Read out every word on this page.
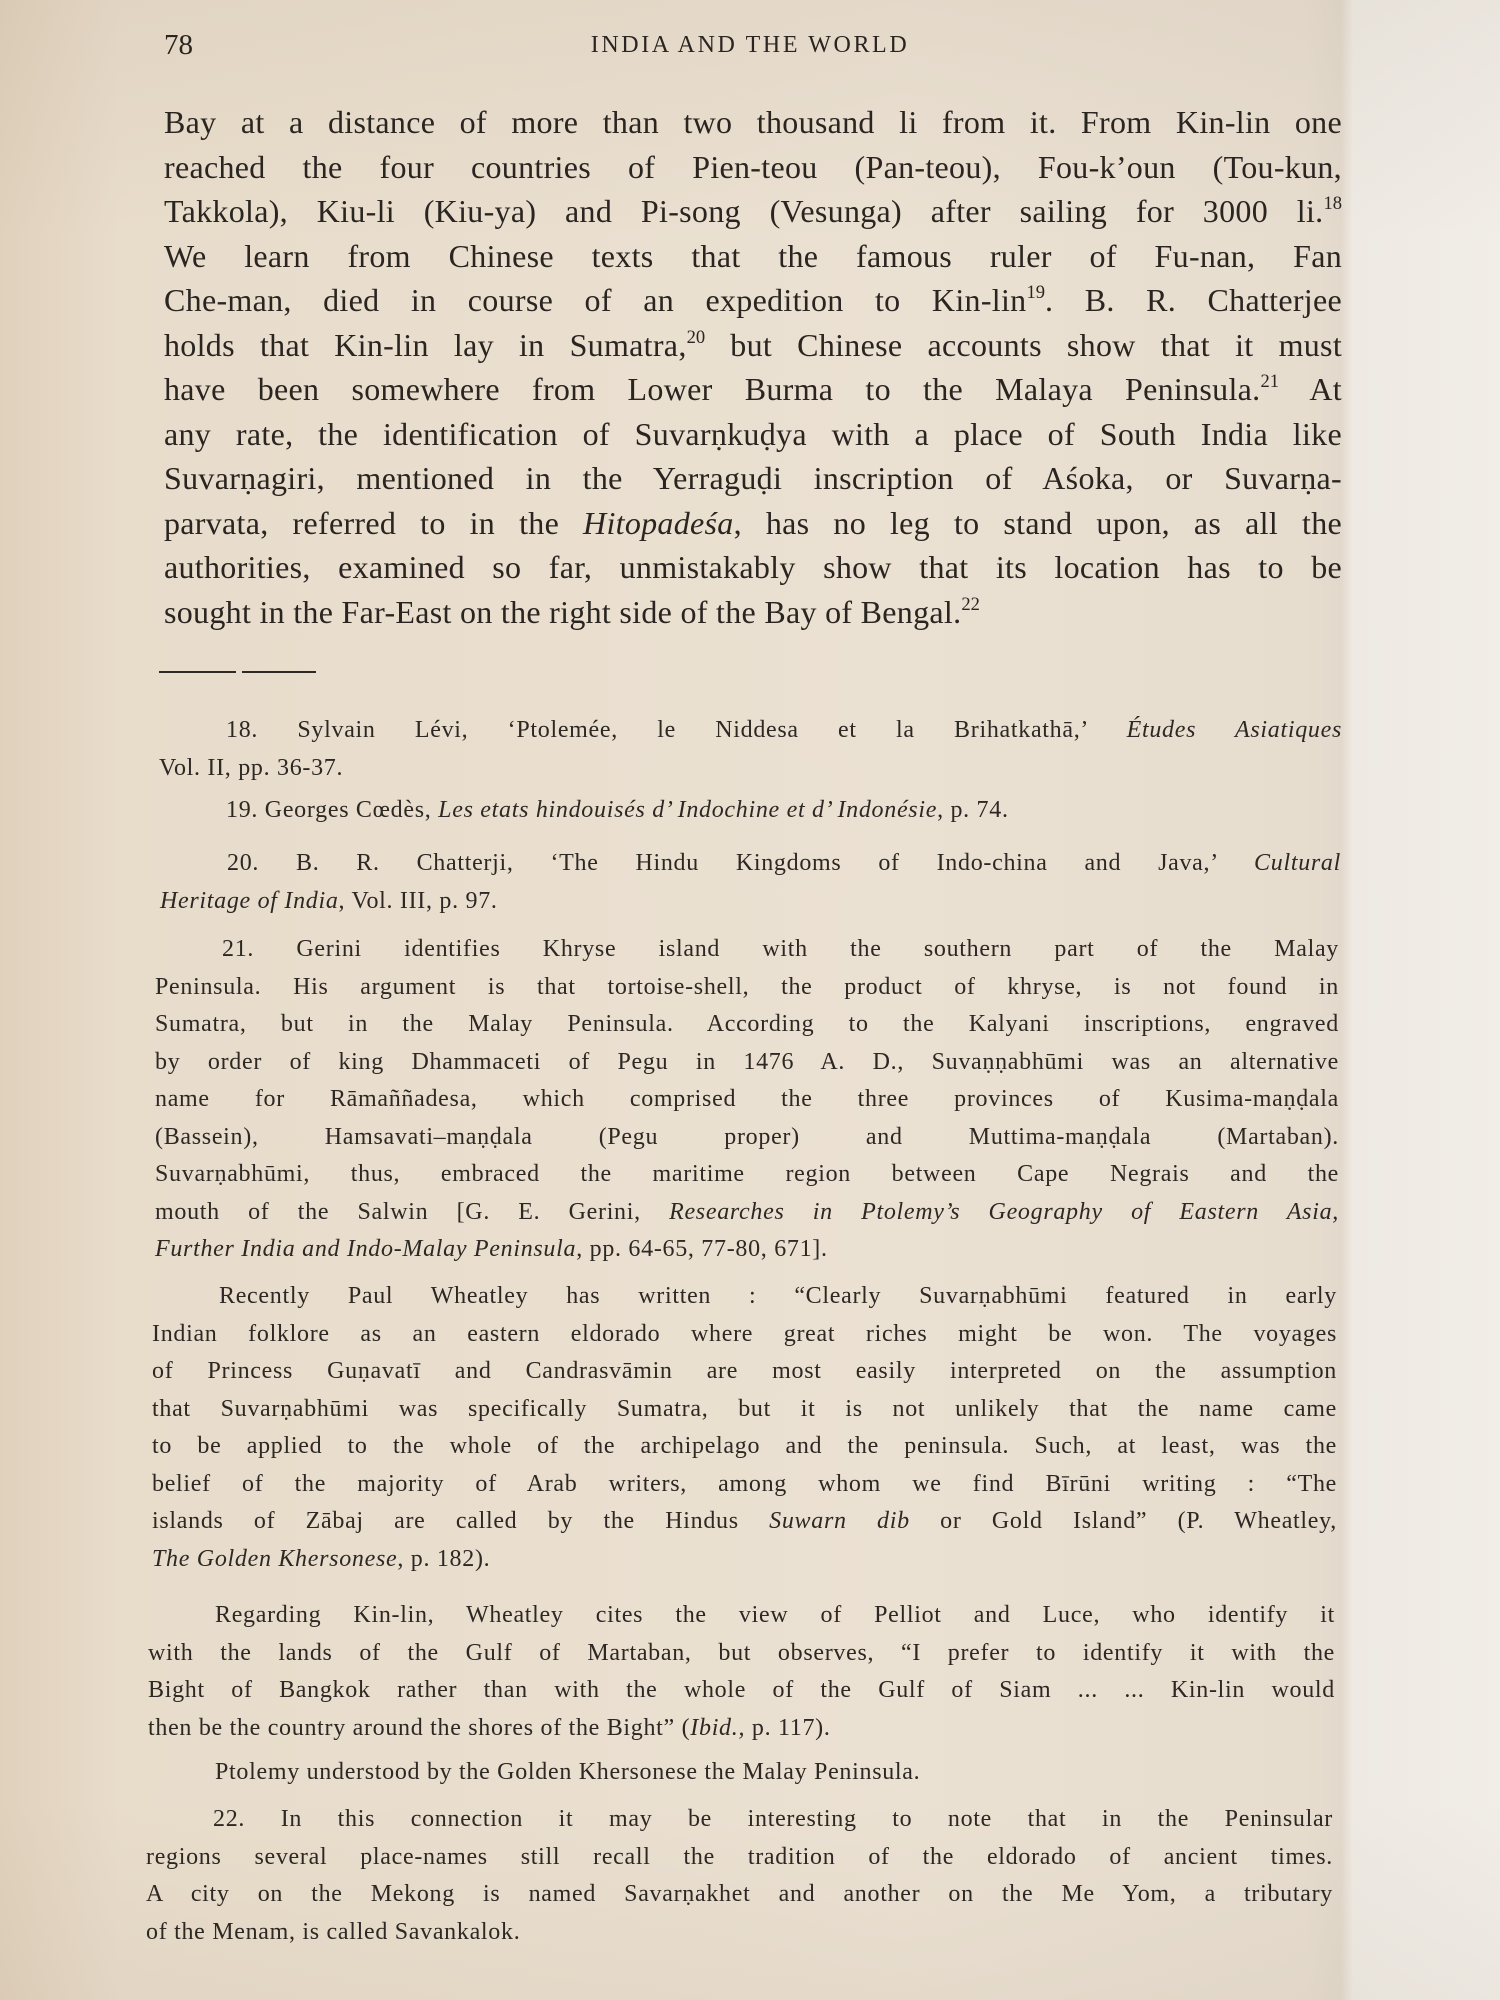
78	INDIA AND THE WORLD
Bay at a distance of more than two thousand li from it. From Kin-lin one
reached the four countries of Pien-teou (Pan-teou), Fou-k’oun (Tou-kun,
Takkola), Kiu-li (Kiu-ya) and Pi-song (Vesunga) after sailing for 3000 li.$^{18}$
We learn from Chinese texts that the famous ruler of Fu-nan, Fan
Che-man, died in course of an expedition to Kin-lin$^{19}$. B. R. Chatterjee
holds that Kin-lin lay in Sumatra,$^{20}$ but Chinese accounts show that it must
have been somewhere from Lower Burma to the Malaya Peninsula.$^{21}$ At
any rate, the identification of Suvarṇkuḍya with a place of South India like
Suvarṇagiri, mentioned in the Yerraguḍi inscription of Aśoka, or Suvarṇa-
parvata, referred to in the Hitopadeśa, has no leg to stand upon, as all the
authorities, examined so far, unmistakably show that its location has to be
sought in the Far-East on the right side of the Bay of Bengal.$^{22}$
18. Sylvain Lévi, ‘Ptolemée, le Niddesa et la Brihatkathā,’ Études Asiatiques
Vol. II, pp. 36-37.
19. Georges Cœdès, Les etats hindouisés d’ Indochine et d’ Indonésie, p. 74.
20. B. R. Chatterji, ‘The Hindu Kingdoms of Indo-china and Java,’ Cultural
Heritage of India, Vol. III, p. 97.
21. Gerini identifies Khryse island with the southern part of the Malay
Peninsula. His argument is that tortoise-shell, the product of khryse, is not found in
Sumatra, but in the Malay Peninsula. According to the Kalyani inscriptions, engraved
by order of king Dhammaceti of Pegu in 1476 A. D., Suvaṇṇabhūmi was an alternative
name for Rāmaññadesa, which comprised the three provinces of Kusima-maṇḍala
(Bassein), Hamsavati–maṇḍala (Pegu proper) and Muttima-maṇḍala (Martaban).
Suvarṇabhūmi, thus, embraced the maritime region between Cape Negrais and the
mouth of the Salwin [G. E. Gerini, Researches in Ptolemy’s Geography of Eastern Asia,
Further India and Indo-Malay Peninsula, pp. 64-65, 77-80, 671].
Recently Paul Wheatley has written : “Clearly Suvarṇabhūmi featured in early
Indian folklore as an eastern eldorado where great riches might be won. The voyages
of Princess Guṇavatī and Candrasvāmin are most easily interpreted on the assumption
that Suvarṇabhūmi was specifically Sumatra, but it is not unlikely that the name came
to be applied to the whole of the archipelago and the peninsula. Such, at least, was the
belief of the majority of Arab writers, among whom we find Bīrūni writing : “The
islands of Zābaj are called by the Hindus Suwarn dib or Gold Island” (P. Wheatley,
The Golden Khersonese, p. 182).
Regarding Kin-lin, Wheatley cites the view of Pelliot and Luce, who identify it
with the lands of the Gulf of Martaban, but observes, “I prefer to identify it with the
Bight of Bangkok rather than with the whole of the Gulf of Siam ... ... Kin-lin would
then be the country around the shores of the Bight” (Ibid., p. 117).
Ptolemy understood by the Golden Khersonese the Malay Peninsula.
22. In this connection it may be interesting to note that in the Peninsular
regions several place-names still recall the tradition of the eldorado of ancient times.
A city on the Mekong is named Savarṇakhet and another on the Me Yom, a tributary
of the Menam, is called Savankalok.
